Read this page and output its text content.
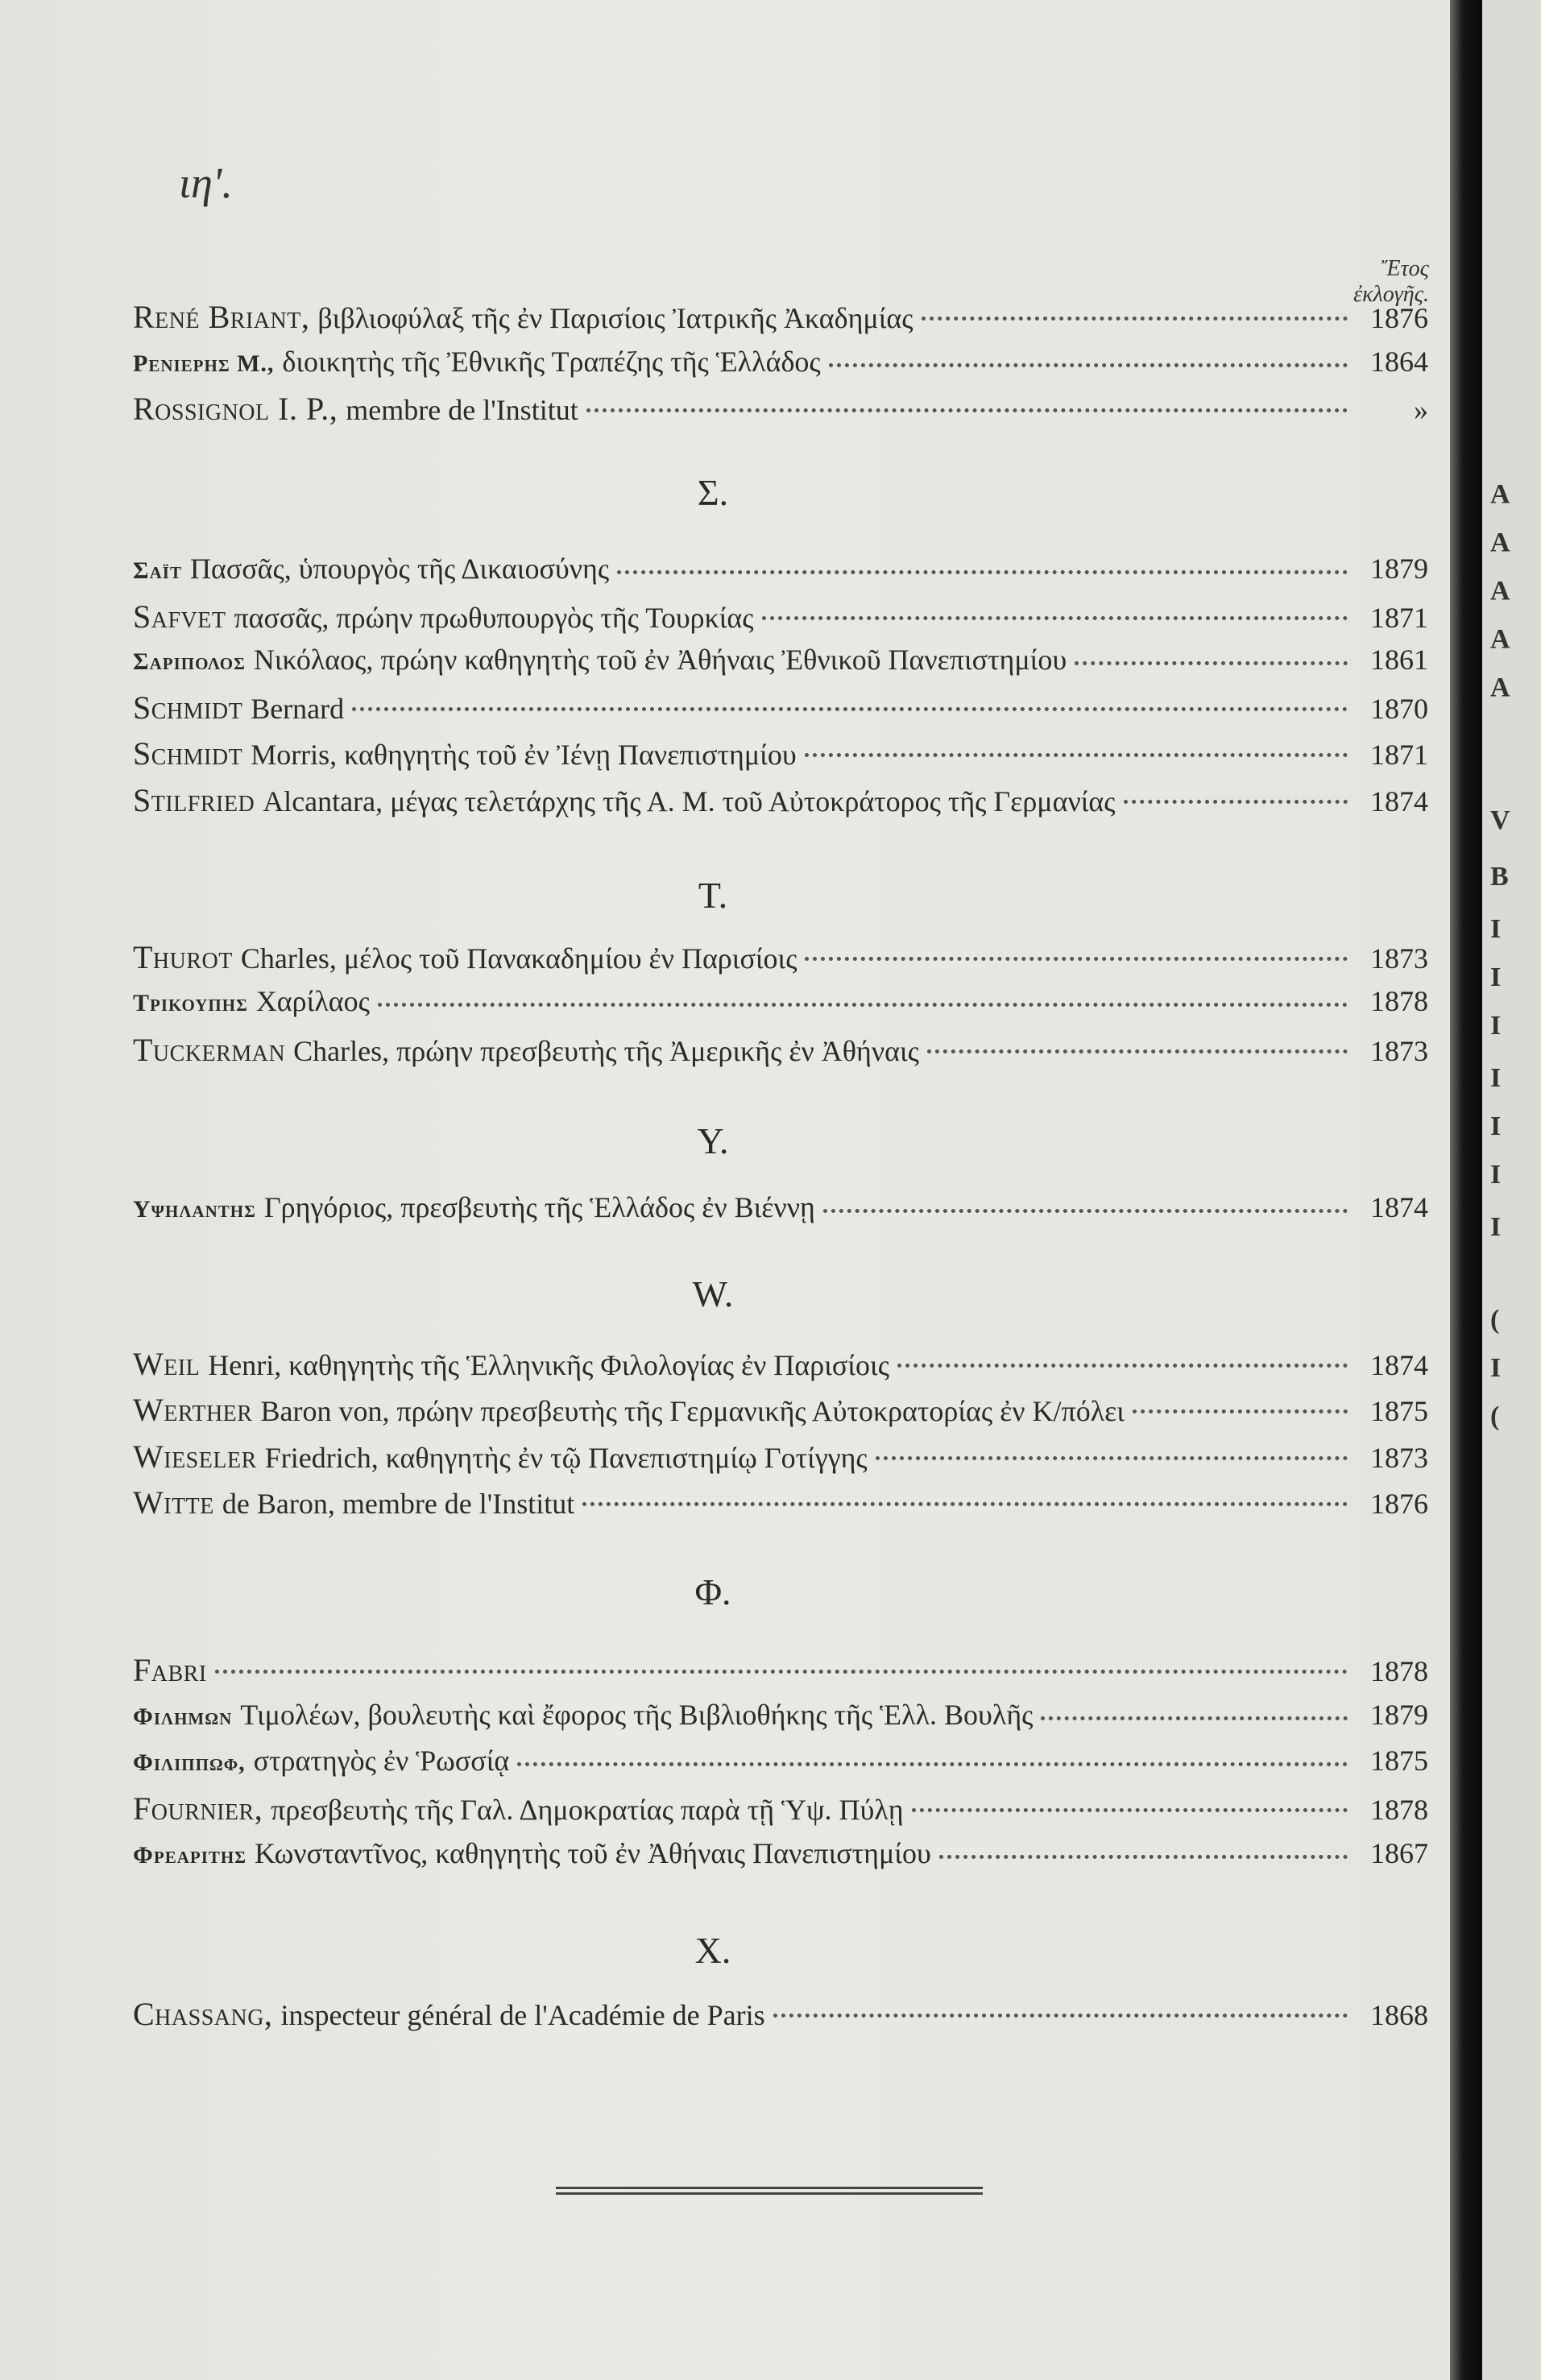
ιη'.
Ἔτος ἐκλογῆς.
René Briant, βιβλιοφύλαξ τῆς ἐν Παρισίοις Ἰατρικῆς Ἀκαδημίας	1876
Ρενιερης Μ., διοικητὴς τῆς Ἐθνικῆς Τραπέζης τῆς Ἑλλάδος	1864
Rossignol I. P., membre de l'Institut	»
Σ.
Σαϊτ Πασσᾶς, ὑπουργὸς τῆς Δικαιοσύνης	1879
Safvet πασσᾶς, πρώην πρωθυπουργὸς τῆς Τουρκίας	1871
Σαριπολος Νικόλαος, πρώην καθηγητὴς τοῦ ἐν Ἀθήναις Ἐθνικοῦ Πανεπιστημίου	1861
Schmidt Bernard	1870
Schmidt Morris, καθηγητὴς τοῦ ἐν Ἰένῃ Πανεπιστημίου	1871
Stilfried Alcantara, μέγας τελετάρχης τῆς Α. Μ. τοῦ Αὐτοκράτορος τῆς Γερμανίας	1874
Τ.
Thurot Charles, μέλος τοῦ Πανακαδημίου ἐν Παρισίοις	1873
Τρικουπης Χαρίλαος	1878
Tuckerman Charles, πρώην πρεσβευτὴς τῆς Ἀμερικῆς ἐν Ἀθήναις	1873
Υ.
Υψηλαντης Γρηγόριος, πρεσβευτὴς τῆς Ἑλλάδος ἐν Βιέννῃ	1874
W.
Weil Henri, καθηγητὴς τῆς Ἑλληνικῆς Φιλολογίας ἐν Παρισίοις	1874
Werther Baron von, πρώην πρεσβευτὴς τῆς Γερμανικῆς Αὐτοκρατορίας ἐν Κ/πόλει	1875
Wieseler Friedrich, καθηγητὴς ἐν τῷ Πανεπιστημίῳ Γοτίγγης	1873
Witte de Baron, membre de l'Institut	1876
Φ.
Fabri	1878
Φιλημων Τιμολέων, βουλευτὴς καὶ ἔφορος τῆς Βιβλιοθήκης τῆς Ἑλλ. Βουλῆς	1879
Φιλιππωφ, στρατηγὸς ἐν Ῥωσσίᾳ	1875
Fournier, πρεσβευτὴς τῆς Γαλ. Δημοκρατίας παρὰ τῇ Ὑψ. Πύλῃ	1878
Φρεαριτης Κωνσταντῖνος, καθηγητὴς τοῦ ἐν Ἀθήναις Πανεπιστημίου	1867
Χ.
Chassang, inspecteur général de l'Académie de Paris	1868
Α
Α
Α
Α
Α
V
B
I
I
I
I
I
I
I
(
I
(
